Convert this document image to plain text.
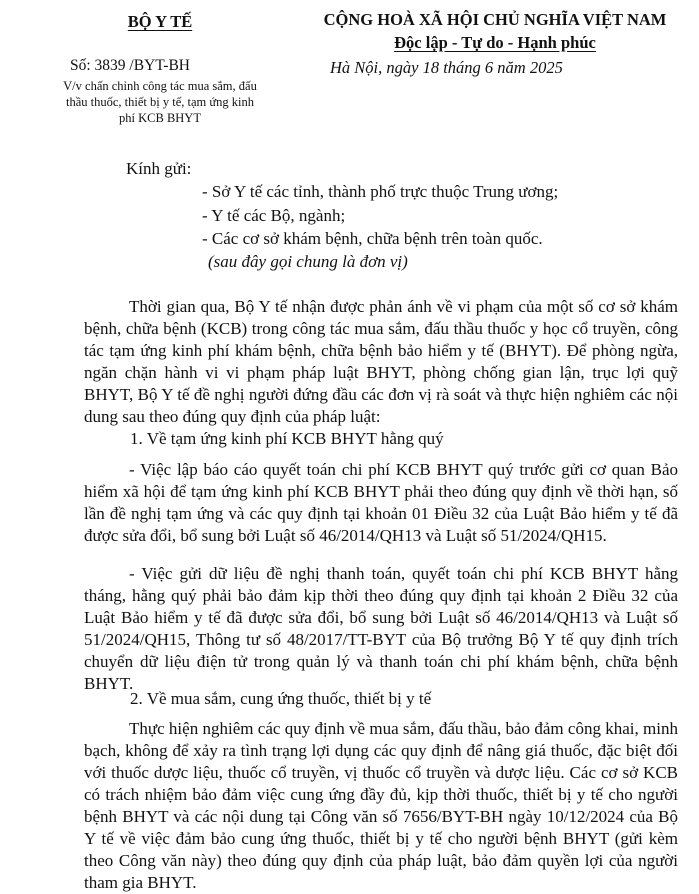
BỘ Y TẾ	CỘNG HOÀ XÃ HỘI CHỦ NGHĨA VIỆT NAM
Độc lập - Tự do - Hạnh phúc
Số: 3839 /BYT-BH	Hà Nội, ngày 18 tháng 6 năm 2025
V/v chấn chỉnh công tác mua sắm, đấu thầu thuốc, thiết bị y tế, tạm ứng kinh phí KCB BHYT
Kính gửi:
- Sở Y tế các tỉnh, thành phố trực thuộc Trung ương;
- Y tế các Bộ, ngành;
- Các cơ sở khám bệnh, chữa bệnh trên toàn quốc.
(sau đây gọi chung là đơn vị)

Thời gian qua, Bộ Y tế nhận được phản ánh về vi phạm của một số cơ sở khám bệnh, chữa bệnh (KCB) trong công tác mua sắm, đấu thầu thuốc y học cổ truyền, công tác tạm ứng kinh phí khám bệnh, chữa bệnh bảo hiểm y tế (BHYT). Để phòng ngừa, ngăn chặn hành vi vi phạm pháp luật BHYT, phòng chống gian lận, trục lợi quỹ BHYT, Bộ Y tế đề nghị người đứng đầu các đơn vị rà soát và thực hiện nghiêm các nội dung sau theo đúng quy định của pháp luật:

1. Về tạm ứng kinh phí KCB BHYT hằng quý

- Việc lập báo cáo quyết toán chi phí KCB BHYT quý trước gửi cơ quan Bảo hiểm xã hội để tạm ứng kinh phí KCB BHYT phải theo đúng quy định về thời hạn, số lần đề nghị tạm ứng và các quy định tại khoản 01 Điều 32 của Luật Bảo hiểm y tế đã được sửa đổi, bổ sung bởi Luật số 46/2014/QH13 và Luật số 51/2024/QH15.

- Việc gửi dữ liệu đề nghị thanh toán, quyết toán chi phí KCB BHYT hằng tháng, hằng quý phải bảo đảm kịp thời theo đúng quy định tại khoản 2 Điều 32 của Luật Bảo hiểm y tế đã được sửa đổi, bổ sung bởi Luật số 46/2014/QH13 và Luật số 51/2024/QH15, Thông tư số 48/2017/TT-BYT của Bộ trưởng Bộ Y tế quy định trích chuyển dữ liệu điện tử trong quản lý và thanh toán chi phí khám bệnh, chữa bệnh BHYT.

2. Về mua sắm, cung ứng thuốc, thiết bị y tế

Thực hiện nghiêm các quy định về mua sắm, đấu thầu, bảo đảm công khai, minh bạch, không để xảy ra tình trạng lợi dụng các quy định để nâng giá thuốc, đặc biệt đối với thuốc dược liệu, thuốc cổ truyền, vị thuốc cổ truyền và dược liệu. Các cơ sở KCB có trách nhiệm bảo đảm việc cung ứng đầy đủ, kịp thời thuốc, thiết bị y tế cho người bệnh BHYT và các nội dung tại Công văn số 7656/BYT-BH ngày 10/12/2024 của Bộ Y tế về việc đảm bảo cung ứng thuốc, thiết bị y tế cho người bệnh BHYT (gửi kèm theo Công văn này) theo đúng quy định của pháp luật, bảo đảm quyền lợi của người tham gia BHYT.
